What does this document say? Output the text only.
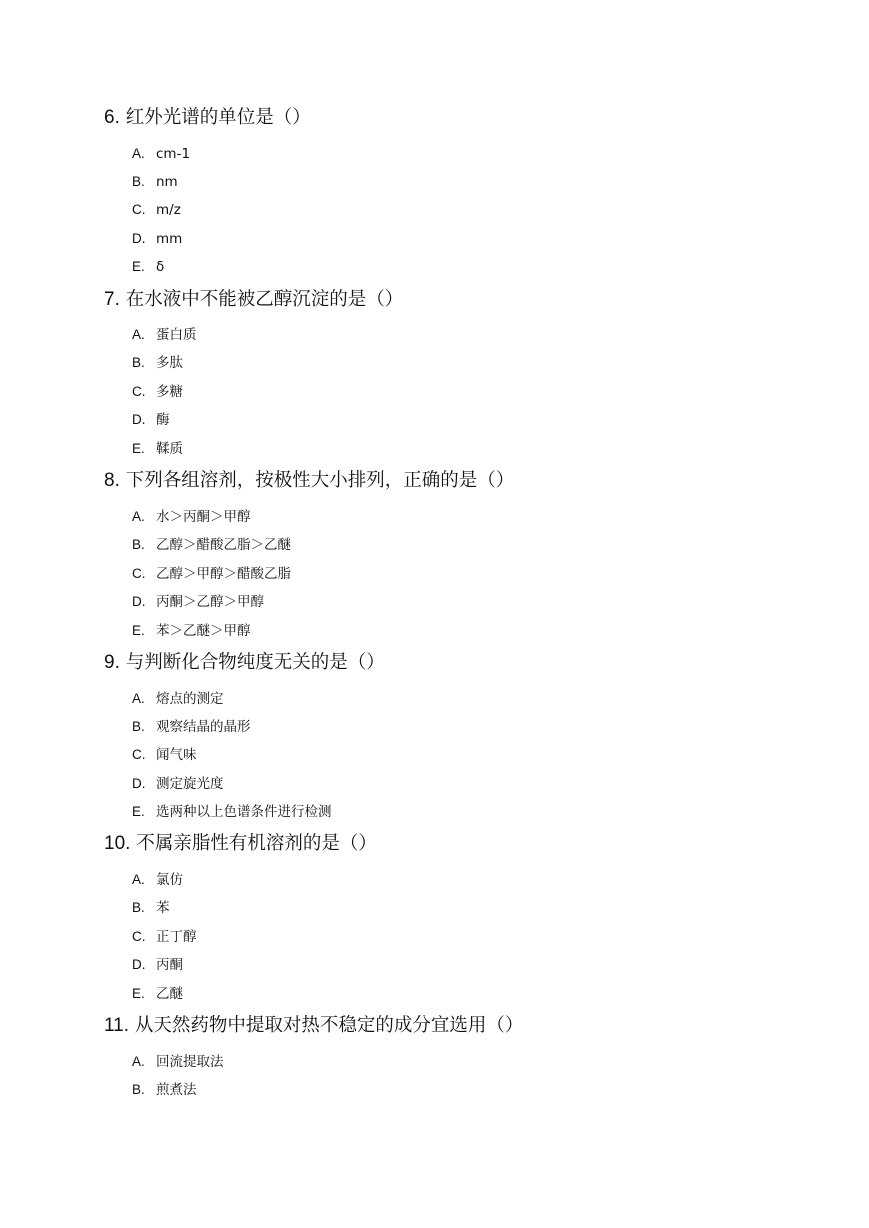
6. 红外光谱的单位是（）
A. cm-1
B. nm
C. m/z
D. mm
E. δ
7. 在水液中不能被乙醇沉淀的是（）
A. 蛋白质
B. 多肽
C. 多糖
D. 酶
E. 鞣质
8. 下列各组溶剂，按极性大小排列，正确的是（）
A. 水＞丙酮＞甲醇
B. 乙醇＞醋酸乙脂＞乙醚
C. 乙醇＞甲醇＞醋酸乙脂
D. 丙酮＞乙醇＞甲醇
E. 苯＞乙醚＞甲醇
9. 与判断化合物纯度无关的是（）
A. 熔点的测定
B. 观察结晶的晶形
C. 闻气味
D. 测定旋光度
E. 选两种以上色谱条件进行检测
10. 不属亲脂性有机溶剂的是（）
A. 氯仿
B. 苯
C. 正丁醇
D. 丙酮
E. 乙醚
11. 从天然药物中提取对热不稳定的成分宜选用（）
A. 回流提取法
B. 煎煮法
